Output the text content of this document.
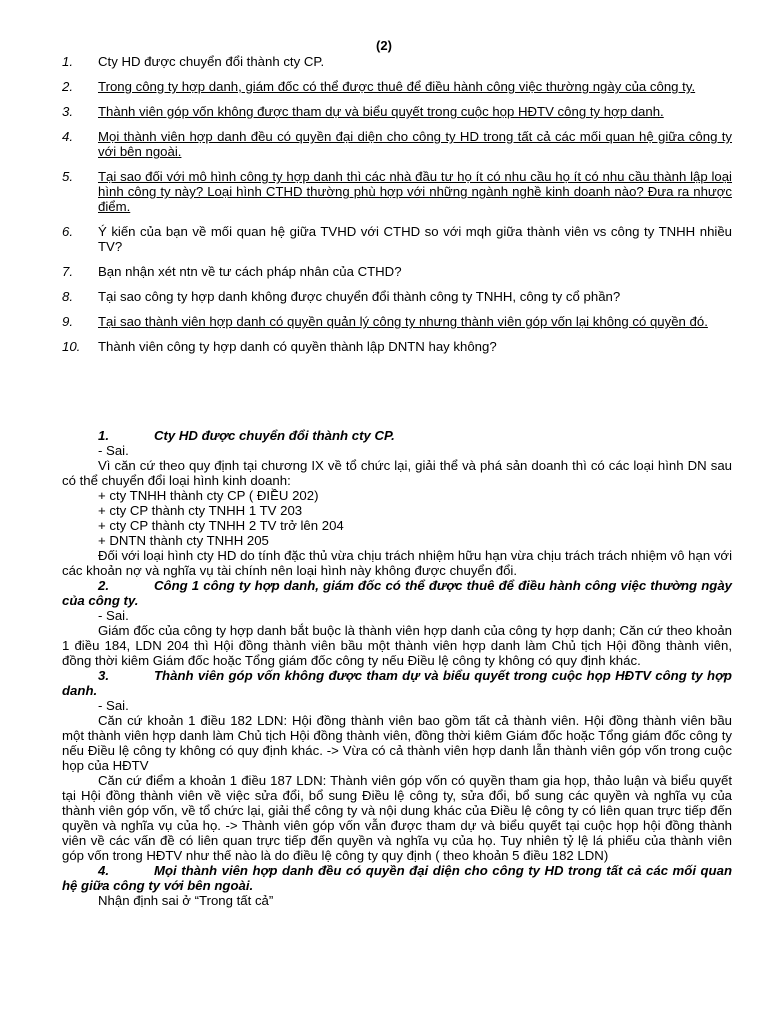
(2)
1.	Cty HD được chuyển đổi thành cty CP.
2.	Trong công ty hợp danh, giám đốc có thể được thuê để điều hành công việc thường ngày của công ty.
3.	Thành viên góp vốn không được tham dự và biểu quyết trong cuộc họp HĐTV công ty hợp danh.
4.	Mọi thành viên hợp danh đều có quyền đại diện cho công ty HD trong tất cả các mối quan hệ giữa công ty với bên ngoài.
5.	Tại sao đối với mô hình công ty hợp danh thì các nhà đầu tư họ ít có nhu cầu họ ít có nhu cầu thành lập loại hình công ty này? Loại hình CTHD thường phù hợp với những ngành nghề kinh doanh nào? Đưa ra nhược điểm.
6.	Ý kiến của bạn về mối quan hệ giữa TVHD với CTHD so với mqh giữa thành viên vs công ty TNHH nhiều TV?
7.	Bạn nhận xét ntn về tư cách pháp nhân của CTHD?
8.	Tại sao công ty hợp danh không được chuyển đổi thành công ty TNHH, công ty cổ phần?
9.	Tại sao thành viên hợp danh có quyền quản lý công ty nhưng thành viên góp vốn lại không có quyền đó.
10.	Thành viên công ty hợp danh có quyền thành lập DNTN hay không?
1.	Cty HD được chuyển đổi thành cty CP.
- Sai.
Vì căn cứ theo quy định tại chương IX về tổ chức lại, giải thể và phá sản doanh thì có các loại hình DN sau có thể chuyển đổi loại hình kinh doanh:
+ cty TNHH thành cty CP ( ĐIỀU 202)
+ cty CP thành cty TNHH 1 TV 203
+ cty CP thành cty TNHH 2 TV trở lên 204
+ DNTN thành cty TNHH 205
Đối với loại hình cty HD do tính đặc thủ vừa chịu trách nhiệm hữu hạn vừa chịu trách trách nhiệm vô hạn với các khoản nợ và nghĩa vụ tài chính nên loại hình này không được chuyển đổi.
2.	Công 1 công ty hợp danh, giám đốc có thể được thuê để điều hành công việc thường ngày của công ty.
- Sai.
Giám đốc của công ty hợp danh bắt buộc là thành viên hợp danh của công ty hợp danh; Căn cứ theo khoản 1 điều 184, LDN 204 thì Hội đồng thành viên bầu một thành viên hợp danh làm Chủ tịch Hội đồng thành viên, đồng thời kiêm Giám đốc hoặc Tổng giám đốc công ty nếu Điều lệ công ty không có quy định khác.
3.	Thành viên góp vốn không được tham dự và biểu quyết trong cuộc họp HĐTV công ty hợp danh.
- Sai.
Căn cứ khoản 1 điều 182 LDN: Hội đồng thành viên bao gồm tất cả thành viên. Hội đồng thành viên bầu một thành viên hợp danh làm Chủ tịch Hội đồng thành viên, đồng thời kiêm Giám đốc hoặc Tổng giám đốc công ty nếu Điều lệ công ty không có quy định khác. -> Vừa có cả thành viên hợp danh lẫn thành viên góp vốn trong cuộc họp của HĐTV
Căn cứ điểm a khoản 1 điều 187 LDN: Thành viên góp vốn có quyền tham gia họp, thảo luận và biểu quyết tại Hội đồng thành viên về việc sửa đổi, bổ sung Điều lệ công ty, sửa đổi, bổ sung các quyền và nghĩa vụ của thành viên góp vốn, về tổ chức lại, giải thể công ty và nội dung khác của Điều lệ công ty có liên quan trực tiếp đến quyền và nghĩa vụ của họ. -> Thành viên góp vốn vẫn được tham dự và biểu quyết tại cuộc họp hội đồng thành viên về các vấn đề có liên quan trực tiếp đến quyền và nghĩa vụ của họ. Tuy nhiên tỷ lệ lá phiếu của thành viên góp vốn trong HĐTV như thế nào là do điều lệ công ty quy định ( theo khoản 5 điều 182 LDN)
4.	Mọi thành viên hợp danh đều có quyền đại diện cho công ty HD trong tất cả các mối quan hệ giữa công ty với bên ngoài.
Nhận định sai ở “Trong tất cả”
